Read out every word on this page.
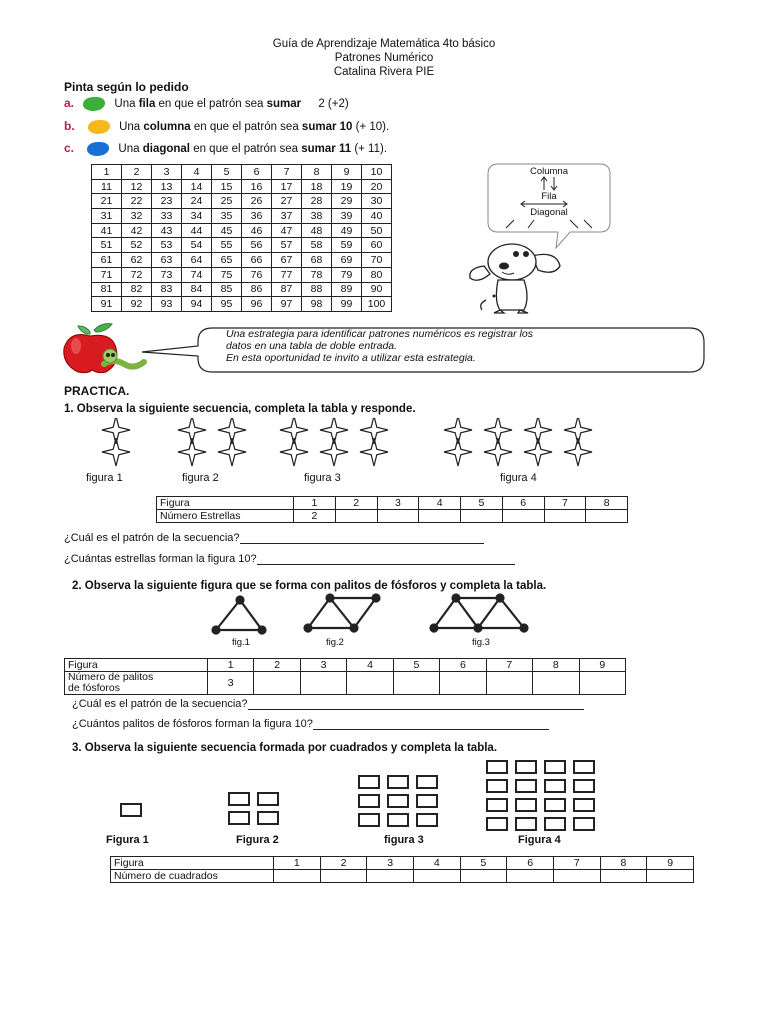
Guía de Aprendizaje Matemática 4to básico
Patrones Numérico
Catalina Rivera PIE
Pinta según lo pedido
a.	Una fila en que el patrón sea sumar 2 (+2)
b.	Una columna en que el patrón sea sumar 10 (+ 10).
c.	Una diagonal en que el patrón sea sumar 11 (+ 11).
1	2	3	4	5	6	7	8	9	10
11	12	13	14	15	16	17	18	19	20
21	22	23	24	25	26	27	28	29	30
31	32	33	34	35	36	37	38	39	40
41	42	43	44	45	46	47	48	49	50
51	52	53	54	55	56	57	58	59	60
61	62	63	64	65	66	67	68	69	70
71	72	73	74	75	76	77	78	79	80
81	82	83	84	85	86	87	88	89	90
91	92	93	94	95	96	97	98	99	100
Columna
Fila
Diagonal
Una estrategia para identificar patrones numéricos es registrar los
datos en una tabla de doble entrada.
En esta oportunidad te invito a utilizar esta estrategia.
PRACTICA.
1. Observa la siguiente secuencia, completa la tabla y responde.
figura 1	figura 2	figura 3	figura 4
Figura	1	2	3	4	5	6	7	8
Número Estrellas	2							
¿Cuál es el patrón de la secuencia?
¿Cuántas estrellas forman la figura 10?
2. Observa la siguiente figura que se forma con palitos de fósforos y completa la tabla.
fig.1	fig.2	fig.3
Figura	1	2	3	4	5	6	7	8	9

Número de palitos
de fósforos	3								
¿Cuál es el patrón de la secuencia?
¿Cuántos palitos de fósforos forman la figura 10?
3. Observa la siguiente secuencia formada por cuadrados y completa la tabla.
Figura 1	Figura 2	figura 3	Figura 4
Figura	1	2	3	4	5	6	7	8	9
Número de cuadrados									
